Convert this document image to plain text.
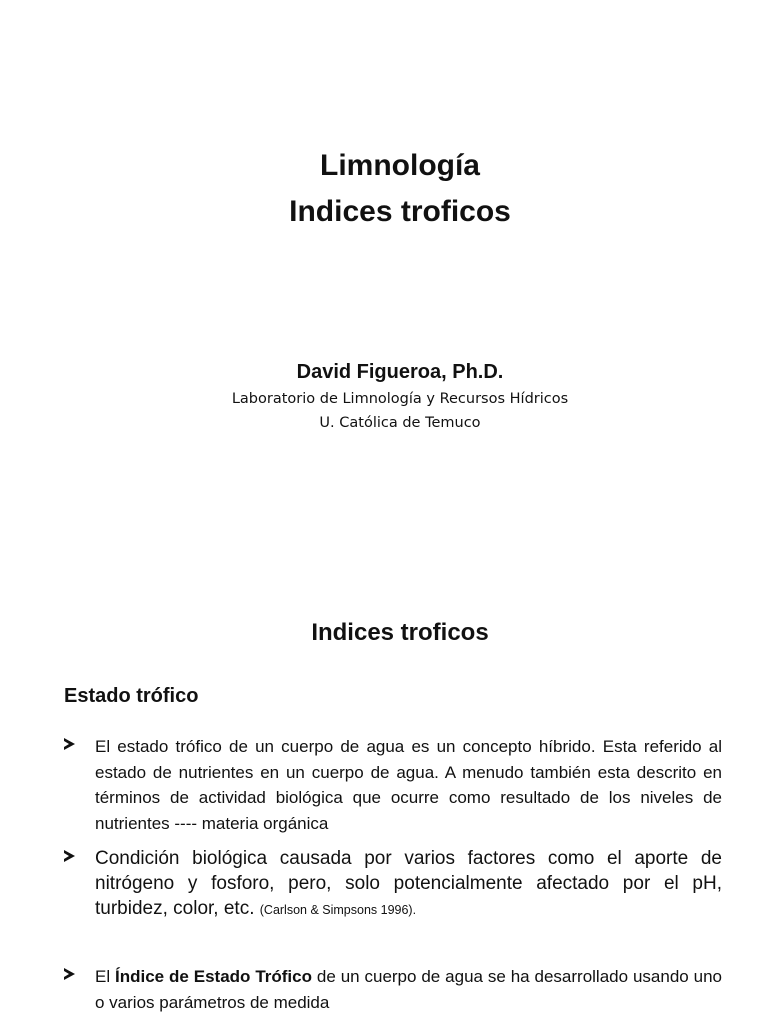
Limnología
Indices troficos
David Figueroa, Ph.D.
Laboratorio de Limnología y Recursos Hídricos
U. Católica de Temuco
Indices troficos
Estado trófico
El estado trófico de un cuerpo de agua es un concepto híbrido. Esta referido al estado de nutrientes en un cuerpo de agua. A menudo también esta descrito en términos de actividad biológica que ocurre como resultado de los niveles de nutrientes ---- materia orgánica
Condición biológica causada por varios factores como el aporte de nitrógeno y fosforo, pero, solo potencialmente afectado por el pH, turbidez, color, etc. (Carlson & Simpsons 1996).
El Índice de Estado Trófico de un cuerpo de agua se ha desarrollado usando uno o varios parámetros de medida
